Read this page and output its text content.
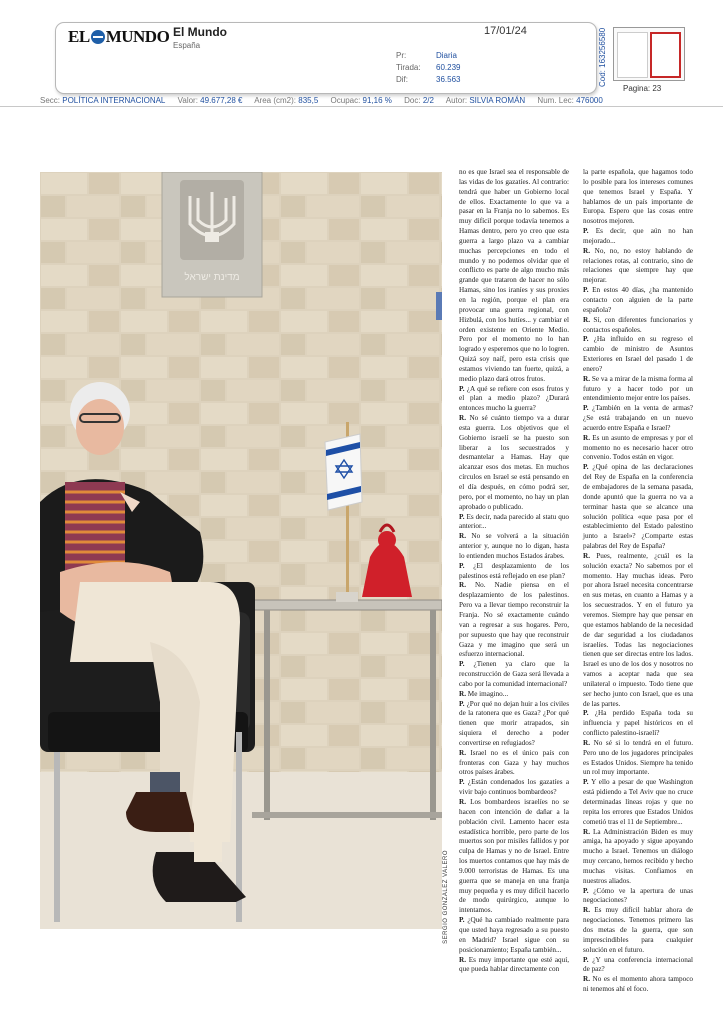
EL MUNDO El Mundo
España
17/01/24
Pr:	Diaria
Tirada:	60.239
Dif:	36.563	Cod: 163256580
Pagina: 23
Secc: POLÍTICA INTERNACIONAL Valor: 49.677,28 € Area (cm2): 835,5 Ocupac: 91,16 % Doc: 2/2 Autor: SILVIA ROMÁN Num. Lec: 476000
מדינת ישראל
SERGIO GONZÁLEZ VALERO

no es que Israel sea el responsable de las vidas de los gazatíes. Al contrario: tendrá que haber un Gobierno local de ellos. Exactamente lo que va a pasar en la Franja no lo sabemos. Es muy difícil porque todavía tenemos a Hamas dentro, pero yo creo que esta guerra a largo plazo va a cambiar muchas percepciones en todo el mundo y no podemos olvidar que el conflicto es parte de algo mucho más grande que trataron de hacer no sólo Hamas, sino los iraníes y sus proxies en la región, porque el plan era provocar una guerra regional, con Hizbulá, con los hutíes... y cambiar el orden existente en Oriente Medio. Pero por el momento no lo han logrado y esperemos que no lo logren. Quizá soy naíf, pero esta crisis que estamos viviendo tan fuerte, quizá, a medio plazo dará otros frutos.

P. ¿A qué se refiere con esos frutos y el plan a medio plazo? ¿Durará entonces mucho la guerra?

R. No sé cuánto tiempo va a durar esta guerra. Los objetivos que el Gobierno israelí se ha puesto son liberar a los secuestrados y desmantelar a Hamas. Hay que alcanzar esos dos metas. En muchos círculos en Israel se está pensando en el día después, en cómo podrá ser, pero, por el momento, no hay un plan aprobado o publicado.

P. Es decir, nada parecido al statu quo anterior...

R. No se volverá a la situación anterior y, aunque no lo digan, hasta lo entienden muchos Estados árabes.

P. ¿El desplazamiento de los palestinos está reflejado en ese plan?

R. No. Nadie piensa en el desplazamiento de los palestinos. Pero va a llevar tiempo reconstruir la Franja. No sé exactamente cuándo van a regresar a sus hogares. Pero, por supuesto que hay que reconstruir Gaza y me imagino que será un esfuerzo internacional.

P. ¿Tienen ya claro que la reconstrucción de Gaza será llevada a cabo por la comunidad internacional?

R. Me imagino...

P. ¿Por qué no dejan huir a los civiles de la ratonera que es Gaza? ¿Por qué tienen que morir atrapados, sin siquiera el derecho a poder convertirse en refugiados?

R. Israel no es el único país con fronteras con Gaza y hay muchos otros países árabes.

P. ¿Están condenados los gazatíes a vivir bajo continuos bombardeos?

R. Los bombardeos israelíes no se hacen con intención de dañar a la población civil. Lamento hacer esta estadística horrible, pero parte de los muertos son por misiles fallidos y por culpa de Hamas y no de Israel. Entre los muertos contamos que hay más de 9.000 terroristas de Hamas. Es una guerra que se maneja en una franja muy pequeña y es muy difícil hacerlo de modo quirúrgico, aunque lo intentamos.

P. ¿Qué ha cambiado realmente para que usted haya regresado a su puesto en Madrid? Israel sigue con su posicionamiento; España también...

R. Es muy importante que esté aquí, que pueda hablar directamente con

la parte española, que hagamos todo lo posible para los intereses comunes que tenemos Israel y España. Y hablamos de un país importante de Europa. Espero que las cosas entre nosotros mejoren.

P. Es decir, que aún no han mejorado...

R. No, no, no estoy hablando de relaciones rotas, al contrario, sino de relaciones que siempre hay que mejorar.

P. En estos 40 días, ¿ha mantenido contacto con alguien de la parte española?

R. Sí, con diferentes funcionarios y contactos españoles.

P. ¿Ha influido en su regreso el cambio de ministro de Asuntos Exteriores en Israel del pasado 1 de enero?

R. Se va a mirar de la misma forma al futuro y a hacer todo por un entendimiento mejor entre los países.

P. ¿También en la venta de armas? ¿Se está trabajando en un nuevo acuerdo entre España e Israel?

R. Es un asunto de empresas y por el momento no es necesario hacer otro convenio. Todos están en vigor.

P. ¿Qué opina de las declaraciones del Rey de España en la conferencia de embajadores de la semana pasada, donde apuntó que la guerra no va a terminar hasta que se alcance una solución política «que pasa por el establecimiento del Estado palestino junto a Israel»? ¿Comparte estas palabras del Rey de España?

R. Pues, realmente, ¿cuál es la solución exacta? No sabemos por el momento. Hay muchas ideas. Pero por ahora Israel necesita concentrarse en sus metas, en cuanto a Hamas y a los secuestrados. Y en el futuro ya veremos. Siempre hay que pensar en que estamos hablando de la necesidad de dar seguridad a los ciudadanos israelíes. Todas las negociaciones tienen que ser directas entre los lados. Israel es uno de los dos y nosotros no vamos a aceptar nada que sea unilateral o impuesto. Todo tiene que ser hecho junto con Israel, que es una de las partes.

P. ¿Ha perdido España toda su influencia y papel históricos en el conflicto palestino-israelí?

R. No sé si lo tendrá en el futuro. Pero uno de los jugadores principales es Estados Unidos. Siempre ha tenido un rol muy importante.

P. Y ello a pesar de que Washington está pidiendo a Tel Aviv que no cruce determinadas líneas rojas y que no repita los errores que Estados Unidos cometió tras el 11 de Septiembre...

R. La Administración Biden es muy amiga, ha apoyado y sigue apoyando mucho a Israel. Tenemos un diálogo muy cercano, hemos recibido y hecho muchas visitas. Confiamos en nuestros aliados.

P. ¿Cómo ve la apertura de unas negociaciones?

R. Es muy difícil hablar ahora de negociaciones. Tenemos primero las dos metas de la guerra, que son imprescindibles para cualquier solución en el futuro.

P. ¿Y una conferencia internacional de paz?

R. No es el momento ahora tampoco ni tenemos ahí el foco.
